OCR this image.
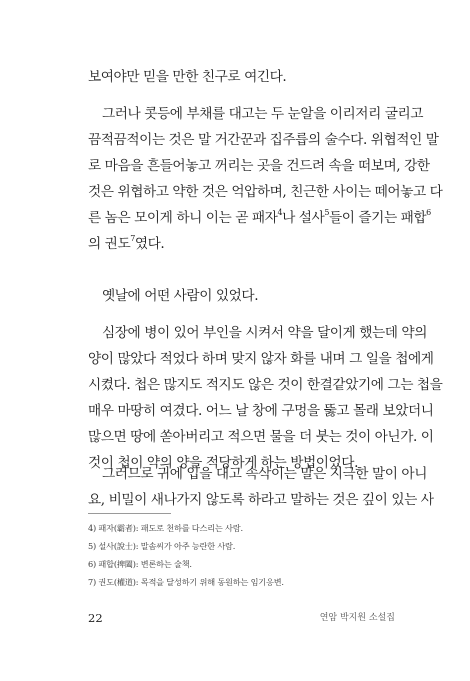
보여야만 믿을 만한 친구로 여긴다.
그러나 콧등에 부채를 대고는 두 눈알을 이리저리 굴리고
끔적끔적이는 것은 말 거간꾼과 집주릅의 술수다. 위협적인 말
로 마음을 흔들어놓고 꺼리는 곳을 건드려 속을 떠보며, 강한
것은 위협하고 약한 것은 억압하며, 친근한 사이는 떼어놓고 다
른 놈은 모이게 하니 이는 곧 패자$^4$나 설사$^5$들이 즐기는 패합$^6$
의 권도$^7$였다.
옛날에 어떤 사람이 있었다.
심장에 병이 있어 부인을 시켜서 약을 달이게 했는데 약의
양이 많았다 적었다 하며 맞지 않자 화를 내며 그 일을 첩에게
시켰다. 첩은 많지도 적지도 않은 것이 한결같았기에 그는 첩을
매우 마땅히 여겼다. 어느 날 창에 구멍을 뚫고 몰래 보았더니
많으면 땅에 쏟아버리고 적으면 물을 더 붓는 것이 아닌가. 이
것이 첩이 약의 양을 적당하게 하는 방법이었다.
그러므로 귀에 입을 대고 속삭이는 말은 지극한 말이 아니
요, 비밀이 새나가지 않도록 하라고 말하는 것은 깊이 있는 사
4) 패자(霸者): 패도로 천하를 다스리는 사람.
5) 설사(說士): 말솜씨가 아주 능란한 사람.
6) 패합(捭闔): 변론하는 술책.
7) 권도(權道): 목적을 달성하기 위해 동원하는 임기응변.
22	연암 박지원 소설집
